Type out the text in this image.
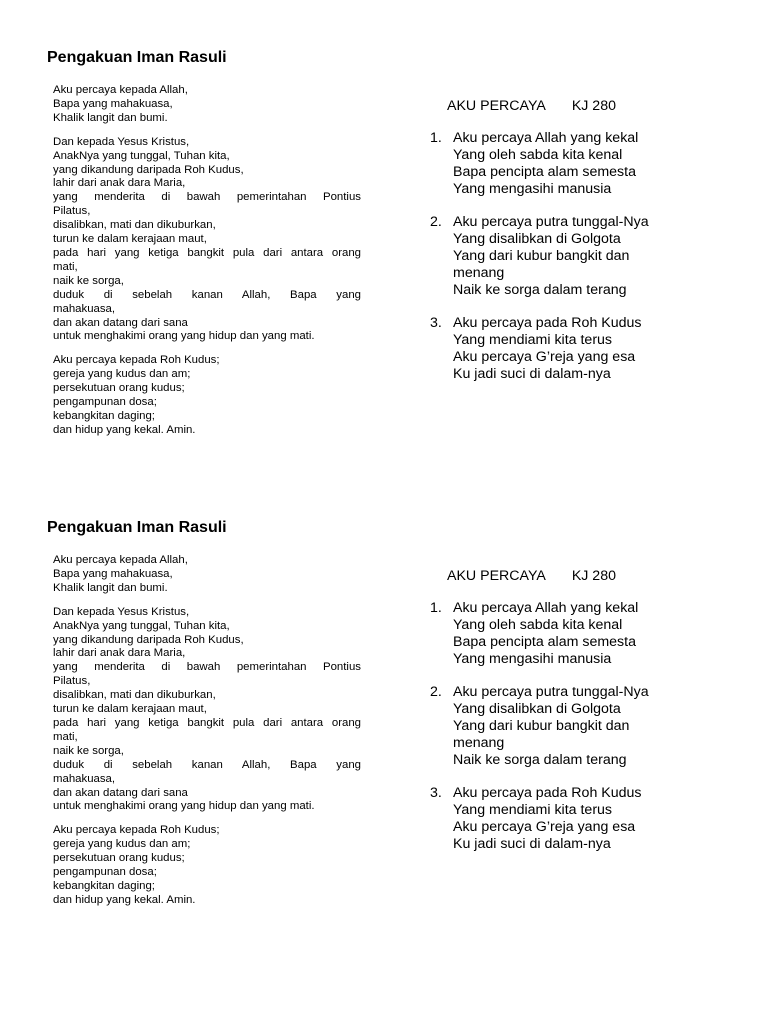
Pengakuan Iman Rasuli
Aku percaya kepada Allah,
Bapa yang mahakuasa,
Khalik langit dan bumi.
Dan kepada Yesus Kristus,
AnakNya yang tunggal, Tuhan kita,
yang dikandung daripada Roh Kudus,
lahir dari anak dara Maria,
yang menderita di bawah pemerintahan Pontius
Pilatus,
disalibkan, mati dan dikuburkan,
turun ke dalam kerajaan maut,
pada hari yang ketiga bangkit pula dari antara orang
mati,
naik ke sorga,
duduk di sebelah kanan Allah, Bapa yang
mahakuasa,
dan akan datang dari sana
untuk menghakimi orang yang hidup dan yang mati.
Aku percaya kepada Roh Kudus;
gereja yang kudus dan am;
persekutuan orang kudus;
pengampunan dosa;
kebangkitan daging;
dan hidup yang kekal. Amin.
AKU PERCAYA KJ 280
1. Aku percaya Allah yang kekal
Yang oleh sabda kita kenal
Bapa pencipta alam semesta
Yang mengasihi manusia
2. Aku percaya putra tunggal-Nya
Yang disalibkan di Golgota
Yang dari kubur bangkit dan
menang
Naik ke sorga dalam terang
3. Aku percaya pada Roh Kudus
Yang mendiami kita terus
Aku percaya G’reja yang esa
Ku jadi suci di dalam-nya
Pengakuan Iman Rasuli
Aku percaya kepada Allah,
Bapa yang mahakuasa,
Khalik langit dan bumi.
Dan kepada Yesus Kristus,
AnakNya yang tunggal, Tuhan kita,
yang dikandung daripada Roh Kudus,
lahir dari anak dara Maria,
yang menderita di bawah pemerintahan Pontius
Pilatus,
disalibkan, mati dan dikuburkan,
turun ke dalam kerajaan maut,
pada hari yang ketiga bangkit pula dari antara orang
mati,
naik ke sorga,
duduk di sebelah kanan Allah, Bapa yang
mahakuasa,
dan akan datang dari sana
untuk menghakimi orang yang hidup dan yang mati.
Aku percaya kepada Roh Kudus;
gereja yang kudus dan am;
persekutuan orang kudus;
pengampunan dosa;
kebangkitan daging;
dan hidup yang kekal. Amin.
AKU PERCAYA KJ 280
1. Aku percaya Allah yang kekal
Yang oleh sabda kita kenal
Bapa pencipta alam semesta
Yang mengasihi manusia
2. Aku percaya putra tunggal-Nya
Yang disalibkan di Golgota
Yang dari kubur bangkit dan
menang
Naik ke sorga dalam terang
3. Aku percaya pada Roh Kudus
Yang mendiami kita terus
Aku percaya G’reja yang esa
Ku jadi suci di dalam-nya
